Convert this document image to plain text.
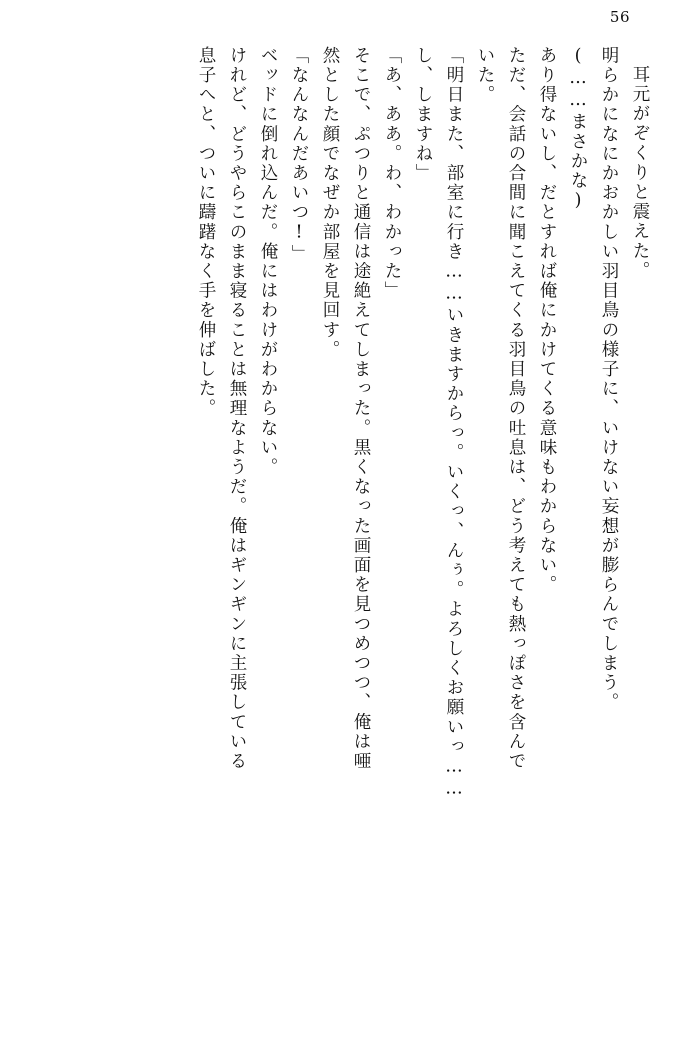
56
耳元がぞくりと震えた。
明らかになにかおかしい羽目鳥の様子に、いけない妄想が膨らんでしまう。
(……まさかな)
あり得ないし、だとすれば俺にかけてくる意味もわからない。
ただ、会話の合間に聞こえてくる羽目鳥の吐息は、どう考えても熱っぽさを含んで
いた。
「明日また、部室に行き……いきますからっ。いくっ、んぅ。よろしくお願いっ……
し、しますね」
「あ、ああ。わ、わかった」
そこで、ぷつりと通信は途絶えてしまった。黒くなった画面を見つめつつ、俺は唖
然とした顔でなぜか部屋を見回す。
「なんなんだあいつ!」
ベッドに倒れ込んだ。俺にはわけがわからない。
けれど、どうやらこのまま寝ることは無理なようだ。俺はギンギンに主張している
息子へと、ついに躊躇なく手を伸ばした。
